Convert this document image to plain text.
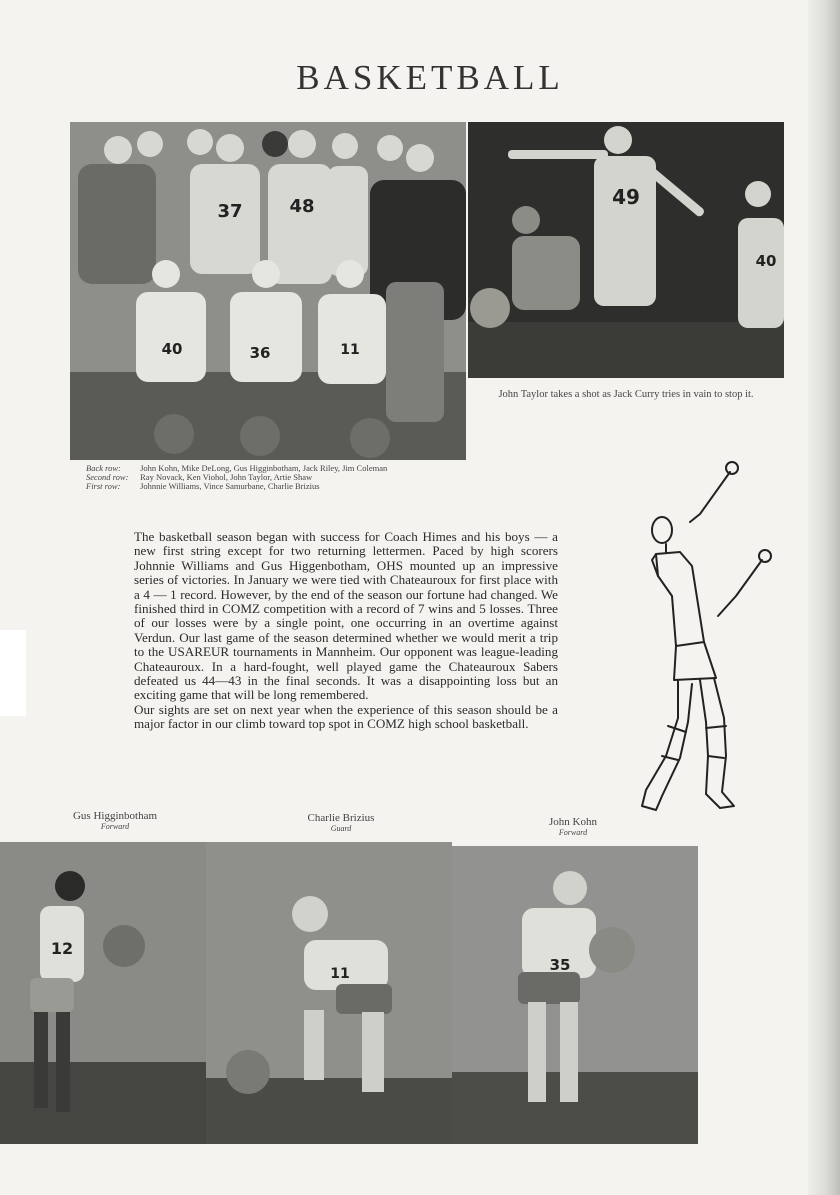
BASKETBALL
37	48
40	36	11
49
40
John Taylor takes a shot as Jack Curry tries in vain to stop it.
Back row: John Kohn, Mike DeLong, Gus Higginbotham, Jack Riley, Jim Coleman
Second row: Ray Novack, Ken Viohol, John Taylor, Artie Shaw
First row: Johnnie Williams, Vince Samurbane, Charlie Brizius

The basketball season began with success for Coach Himes and his boys — a new first string except for two returning lettermen. Paced by high scorers Johnnie Williams and Gus Higgenbotham, OHS mounted up an impressive series of victories. In January we were tied with Chateauroux for first place with a 4 — 1 record. However, by the end of the season our fortune had changed. We finished third in COMZ competition with a record of 7 wins and 5 losses. Three of our losses were by a single point, one occurring in an overtime against Verdun. Our last game of the season determined whether we would merit a trip to the USAREUR tournaments in Mannheim. Our opponent was league-leading Chateauroux. In a hard-fought, well played game the Chateauroux Sabers defeated us 44—43 in the final seconds. It was a disappointing loss but an exciting game that will be long remembered.

Our sights are set on next year when the experience of this season should be a major factor in our climb toward top spot in COMZ high school basketball.

Gus Higginbotham
Forward
Charlie Brizius
Guard
John Kohn
Forward
12
11	35
